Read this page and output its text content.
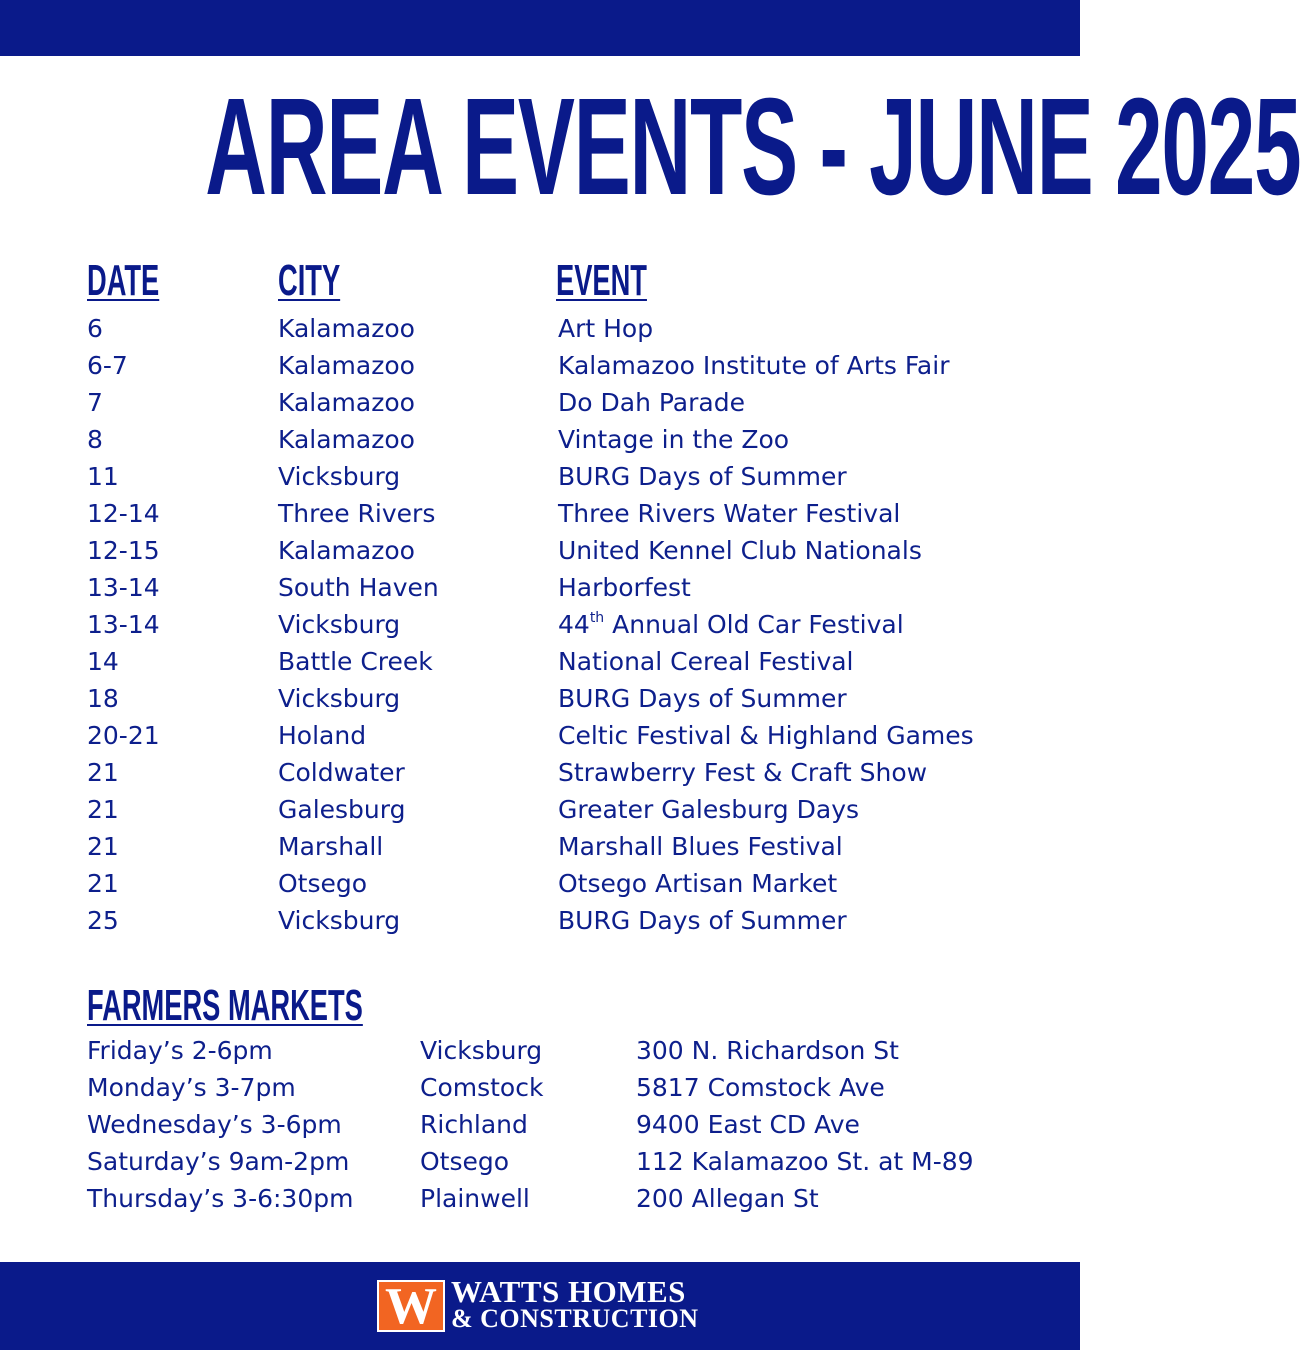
AREA EVENTS - JUNE 2025
DATE	CITY	EVENT
6	Kalamazoo	Art Hop
6-7	Kalamazoo	Kalamazoo Institute of Arts Fair
7	Kalamazoo	Do Dah Parade
8	Kalamazoo	Vintage in the Zoo
11	Vicksburg	BURG Days of Summer
12-14	Three Rivers	Three Rivers Water Festival
12-15	Kalamazoo	United Kennel Club Nationals
13-14	South Haven	Harborfest
13-14	Vicksburg	44th Annual Old Car Festival
14	Battle Creek	National Cereal Festival
18	Vicksburg	BURG Days of Summer
20-21	Holand	Celtic Festival & Highland Games
21	Coldwater	Strawberry Fest & Craft Show
21	Galesburg	Greater Galesburg Days
21	Marshall	Marshall Blues Festival
21	Otsego	Otsego Artisan Market
25	Vicksburg	BURG Days of Summer
FARMERS MARKETS
Friday’s 2-6pm	Vicksburg	300 N. Richardson St
Monday’s 3-7pm	Comstock	5817 Comstock Ave
Wednesday’s 3-6pm	Richland	9400 East CD Ave
Saturday’s 9am-2pm	Otsego	112 Kalamazoo St. at M-89
Thursday’s 3-6:30pm	Plainwell	200 Allegan St
W WATTS HOMES
& CONSTRUCTION
